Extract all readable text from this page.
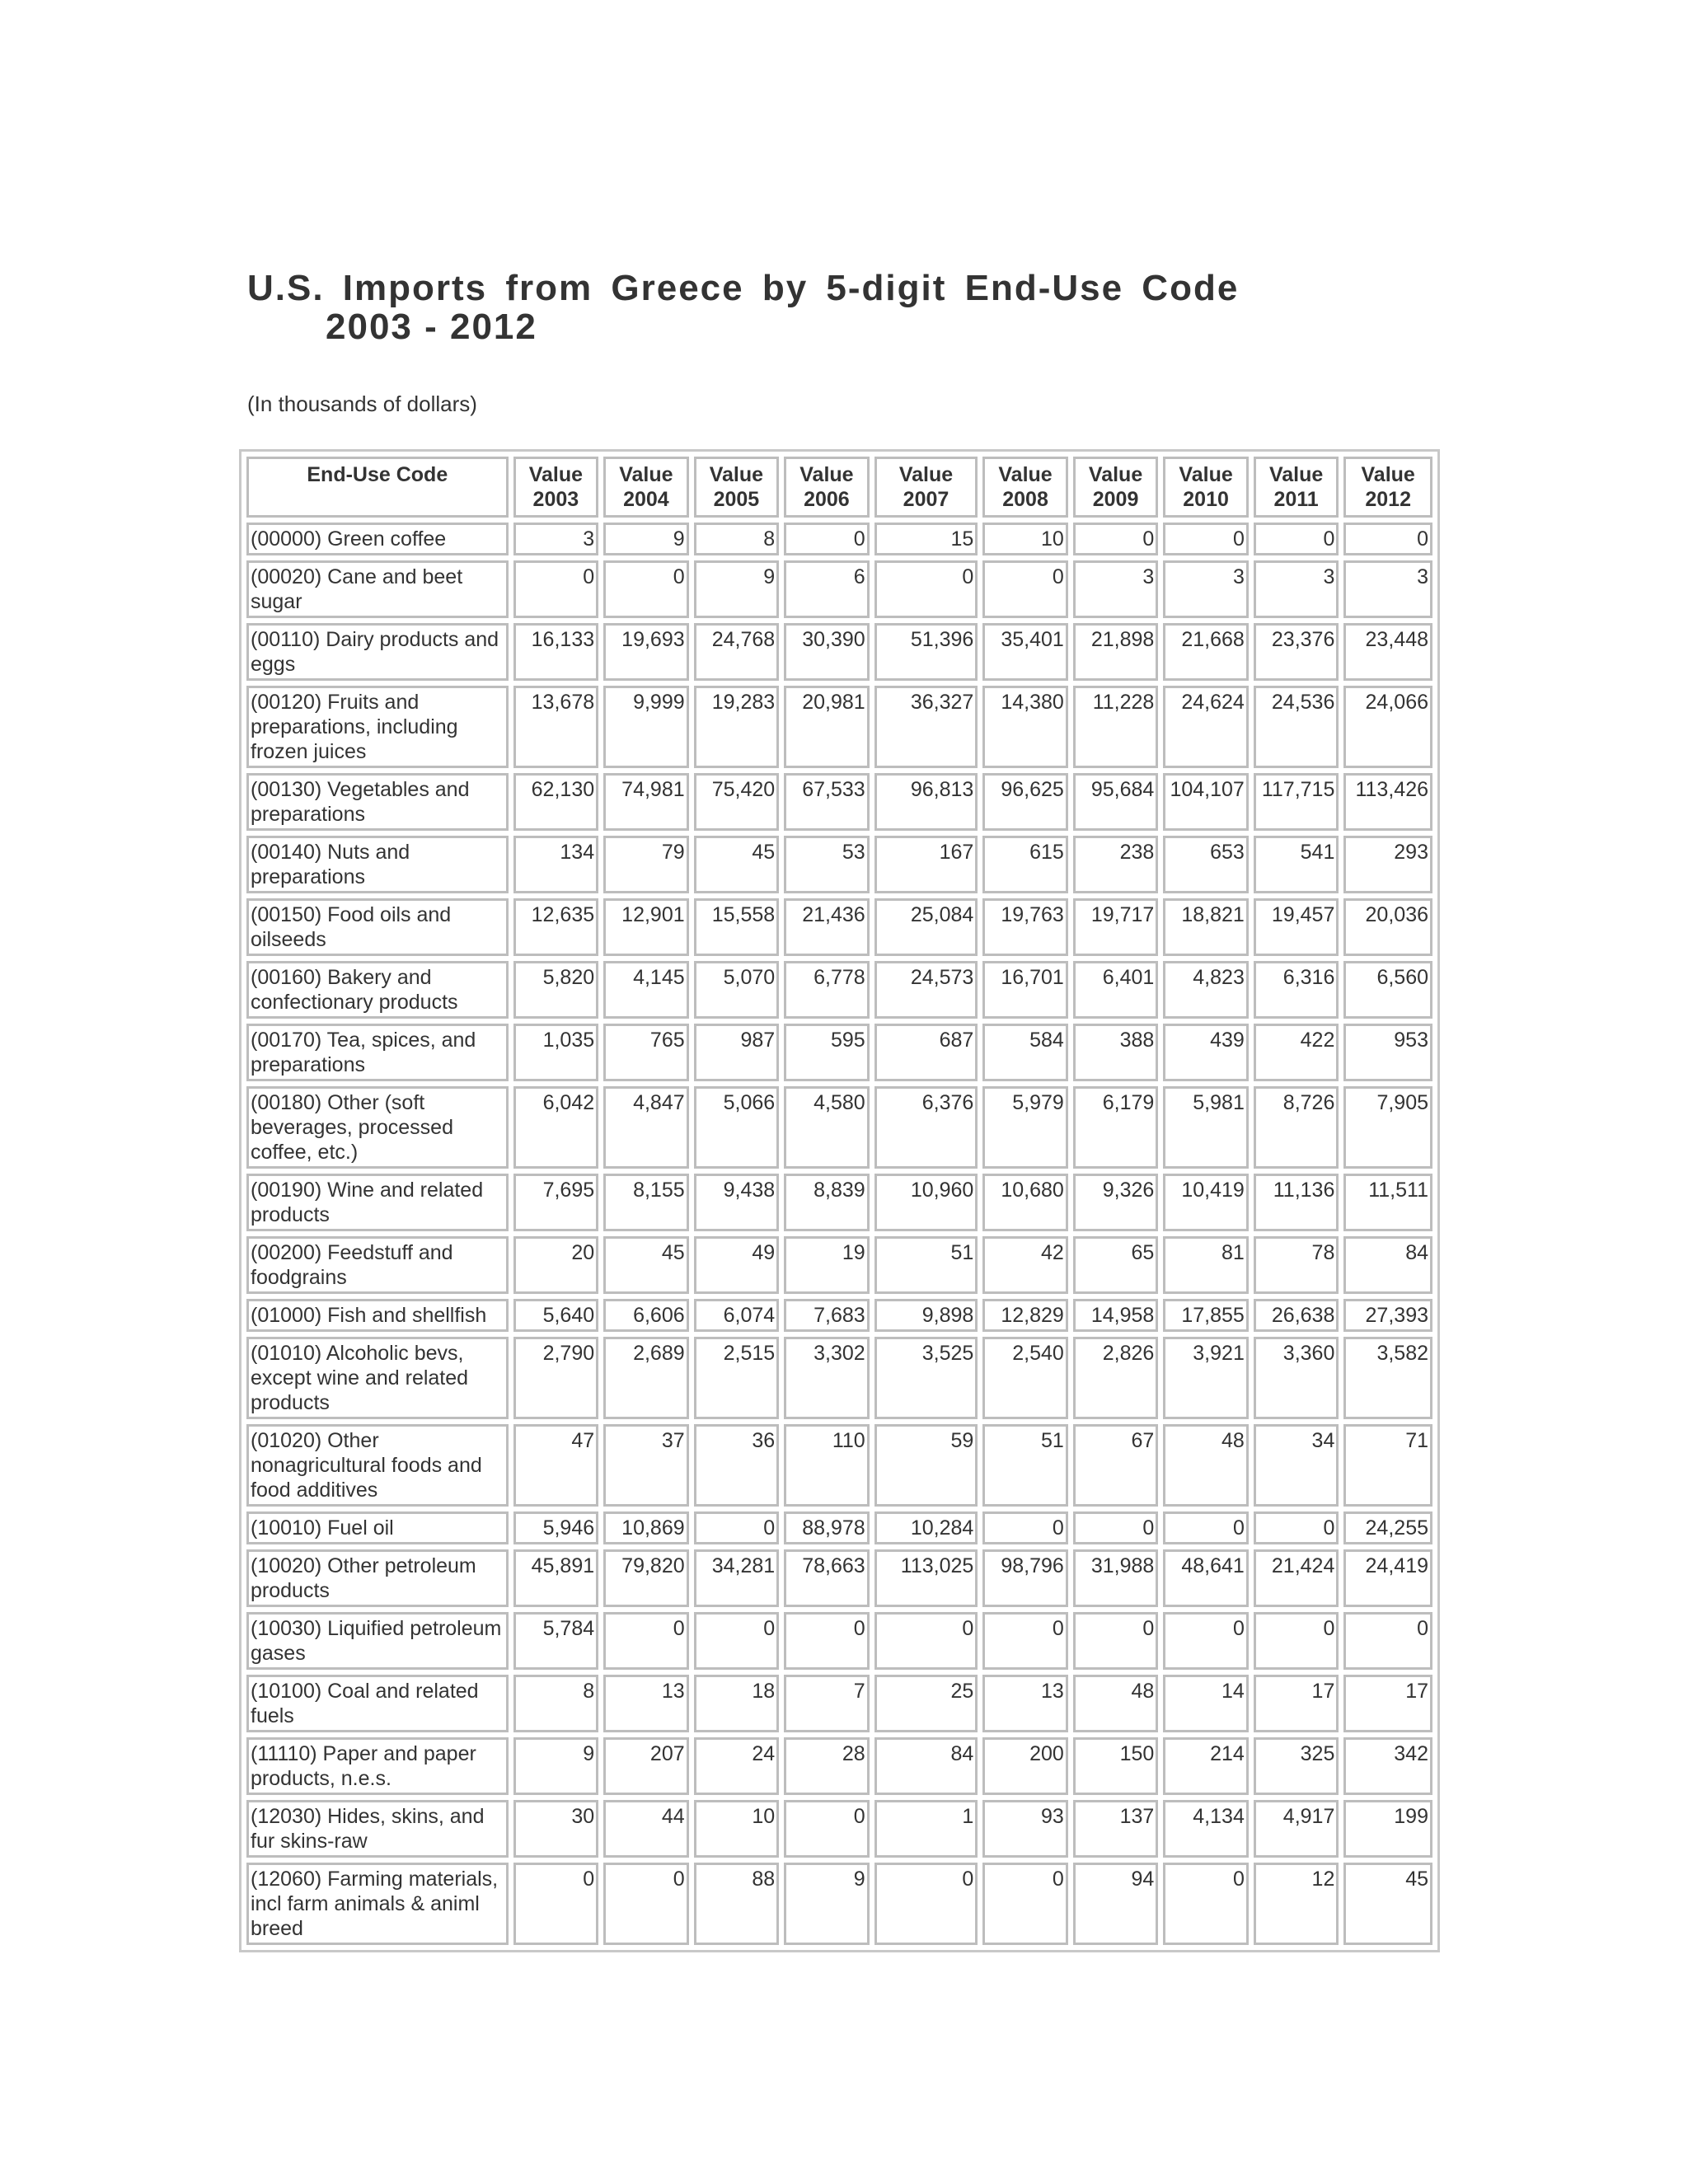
U.S. Imports from Greece by 5-digit End-Use Code
2003 - 2012
(In thousands of dollars)
End-Use Code	Value 2003	Value 2004	Value 2005	Value 2006	Value 2007	Value 2008	Value 2009	Value 2010	Value 2011	Value 2012
(00000) Green coffee	3	9	8	0	15	10	0	0	0	0
(00020) Cane and beet sugar	0	0	9	6	0	0	3	3	3	3
(00110) Dairy products and eggs	16,133	19,693	24,768	30,390	51,396	35,401	21,898	21,668	23,376	23,448
(00120) Fruits and preparations, including frozen juices	13,678	9,999	19,283	20,981	36,327	14,380	11,228	24,624	24,536	24,066
(00130) Vegetables and preparations	62,130	74,981	75,420	67,533	96,813	96,625	95,684	104,107	117,715	113,426
(00140) Nuts and preparations	134	79	45	53	167	615	238	653	541	293
(00150) Food oils and oilseeds	12,635	12,901	15,558	21,436	25,084	19,763	19,717	18,821	19,457	20,036
(00160) Bakery and confectionary products	5,820	4,145	5,070	6,778	24,573	16,701	6,401	4,823	6,316	6,560
(00170) Tea, spices, and preparations	1,035	765	987	595	687	584	388	439	422	953
(00180) Other (soft beverages, processed coffee, etc.)	6,042	4,847	5,066	4,580	6,376	5,979	6,179	5,981	8,726	7,905
(00190) Wine and related products	7,695	8,155	9,438	8,839	10,960	10,680	9,326	10,419	11,136	11,511
(00200) Feedstuff and foodgrains	20	45	49	19	51	42	65	81	78	84
(01000) Fish and shellfish	5,640	6,606	6,074	7,683	9,898	12,829	14,958	17,855	26,638	27,393
(01010) Alcoholic bevs, except wine and related products	2,790	2,689	2,515	3,302	3,525	2,540	2,826	3,921	3,360	3,582
(01020) Other nonagricultural foods and food additives	47	37	36	110	59	51	67	48	34	71
(10010) Fuel oil	5,946	10,869	0	88,978	10,284	0	0	0	0	24,255
(10020) Other petroleum products	45,891	79,820	34,281	78,663	113,025	98,796	31,988	48,641	21,424	24,419
(10030) Liquified petroleum gases	5,784	0	0	0	0	0	0	0	0	0
(10100) Coal and related fuels	8	13	18	7	25	13	48	14	17	17
(11110) Paper and paper products, n.e.s.	9	207	24	28	84	200	150	214	325	342
(12030) Hides, skins, and fur skins-raw	30	44	10	0	1	93	137	4,134	4,917	199
(12060) Farming materials, incl farm animals & animl breed	0	0	88	9	0	0	94	0	12	45
